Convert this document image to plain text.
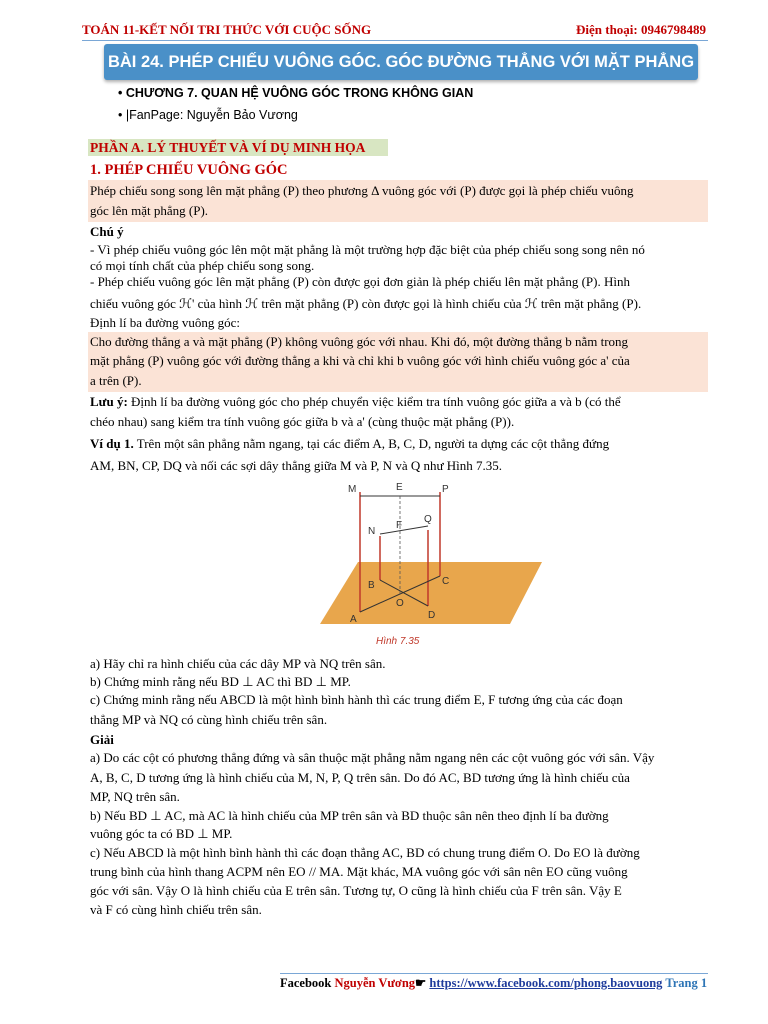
TOÁN 11-KẾT NỐI TRI THỨC VỚI CUỘC SỐNG	Điện thoại: 0946798489
BÀI 24. PHÉP CHIẾU VUÔNG GÓC. GÓC ĐƯỜNG THẲNG VỚI MẶT PHẲNG
• CHƯƠNG 7. QUAN HỆ VUÔNG GÓC TRONG KHÔNG GIAN
• |FanPage: Nguyễn Bảo Vương
PHẦN A. LÝ THUYẾT VÀ VÍ DỤ MINH HỌA
1. PHÉP CHIẾU VUÔNG GÓC
Phép chiếu song song lên mặt phẳng (P) theo phương Δ vuông góc với (P) được gọi là phép chiếu vuông
góc lên mặt phẳng (P).
Chú ý
- Vì phép chiếu vuông góc lên một mặt phẳng là một trường hợp đặc biệt của phép chiếu song song nên nó
có mọi tính chất của phép chiếu song song.
- Phép chiếu vuông góc lên mặt phẳng (P) còn được gọi đơn giản là phép chiếu lên mặt phẳng (P). Hình
chiếu vuông góc ℋ' của hình ℋ trên mặt phẳng (P) còn được gọi là hình chiếu của ℋ trên mặt phẳng (P).
Định lí ba đường vuông góc:
Cho đường thẳng a và mặt phẳng (P) không vuông góc với nhau. Khi đó, một đường thẳng b nằm trong
mặt phẳng (P) vuông góc với đường thẳng a khi và chỉ khi b vuông góc với hình chiếu vuông góc a' của
a trên (P).
Lưu ý: Định lí ba đường vuông góc cho phép chuyển việc kiểm tra tính vuông góc giữa a và b (có thể
chéo nhau) sang kiểm tra tính vuông góc giữa b và a' (cùng thuộc mặt phẳng (P)).
Ví dụ 1. Trên một sân phẳng nằm ngang, tại các điểm A, B, C, D, người ta dựng các cột thẳng đứng
AM, BN, CP, DQ và nối các sợi dây thẳng giữa M và P, N và Q như Hình 7.35.
M	E	P
N
F
Q
B	C
O
A	D
Hình 7.35
a) Hãy chỉ ra hình chiếu của các dây MP và NQ trên sân.
b) Chứng minh rằng nếu BD ⊥ AC thì BD ⊥ MP.
c) Chứng minh rằng nếu ABCD là một hình bình hành thì các trung điểm E, F tương ứng của các đoạn
thẳng MP và NQ có cùng hình chiếu trên sân.
Giải
a) Do các cột có phương thẳng đứng và sân thuộc mặt phẳng nằm ngang nên các cột vuông góc với sân. Vậy
A, B, C, D tương ứng là hình chiếu của M, N, P, Q trên sân. Do đó AC, BD tương ứng là hình chiếu của
MP, NQ trên sân.
b) Nếu BD ⊥ AC, mà AC là hình chiếu của MP trên sân và BD thuộc sân nên theo định lí ba đường
vuông góc ta có BD ⊥ MP.
c) Nếu ABCD là một hình bình hành thì các đoạn thẳng AC, BD có chung trung điểm O. Do EO là đường
trung bình của hình thang ACPM nên EO // MA. Mặt khác, MA vuông góc với sân nên EO cũng vuông
góc với sân. Vậy O là hình chiếu của E trên sân. Tương tự, O cũng là hình chiếu của F trên sân. Vậy E
và F có cùng hình chiếu trên sân.
Facebook Nguyễn Vương☛ https://www.facebook.com/phong.baovuong Trang 1
